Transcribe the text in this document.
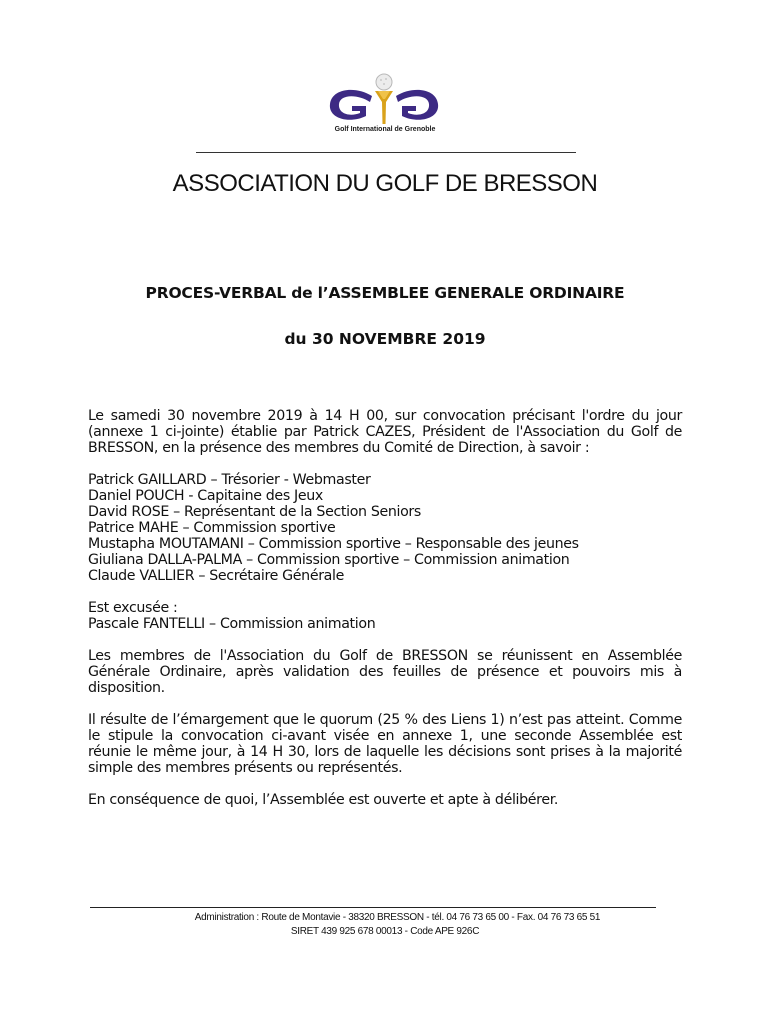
Golf International de Grenoble
ASSOCIATION DU GOLF DE BRESSON
PROCES-VERBAL de l’ASSEMBLEE GENERALE ORDINAIRE
du 30 NOVEMBRE 2019

Le samedi 30 novembre 2019 à 14 H 00, sur convocation précisant l'ordre du jour (annexe 1 ci-jointe) établie par Patrick CAZES, Président de l'Association du Golf de BRESSON, en la présence des membres du Comité de Direction, à savoir :

Patrick GAILLARD – Trésorier - Webmaster

Daniel POUCH - Capitaine des Jeux

David ROSE – Représentant de la Section Seniors

Patrice MAHE – Commission sportive

Mustapha MOUTAMANI – Commission sportive – Responsable des jeunes

Giuliana DALLA-PALMA – Commission sportive – Commission animation

Claude VALLIER – Secrétaire Générale

Est excusée :

Pascale FANTELLI – Commission animation

Les membres de l'Association du Golf de BRESSON se réunissent en Assemblée Générale Ordinaire, après validation des feuilles de présence et pouvoirs mis à disposition.

Il résulte de l’émargement que le quorum (25 % des Liens 1) n’est pas atteint. Comme le stipule la convocation ci-avant visée en annexe 1, une seconde Assemblée est réunie le même jour, à 14 H 30, lors de laquelle les décisions sont prises à la majorité simple des membres présents ou représentés.

En conséquence de quoi, l’Assemblée est ouverte et apte à délibérer.

Administration : Route de Montavie - 38320 BRESSON - tél. 04 76 73 65 00 - Fax. 04 76 73 65 51
SIRET 439 925 678 00013 - Code APE 926C
